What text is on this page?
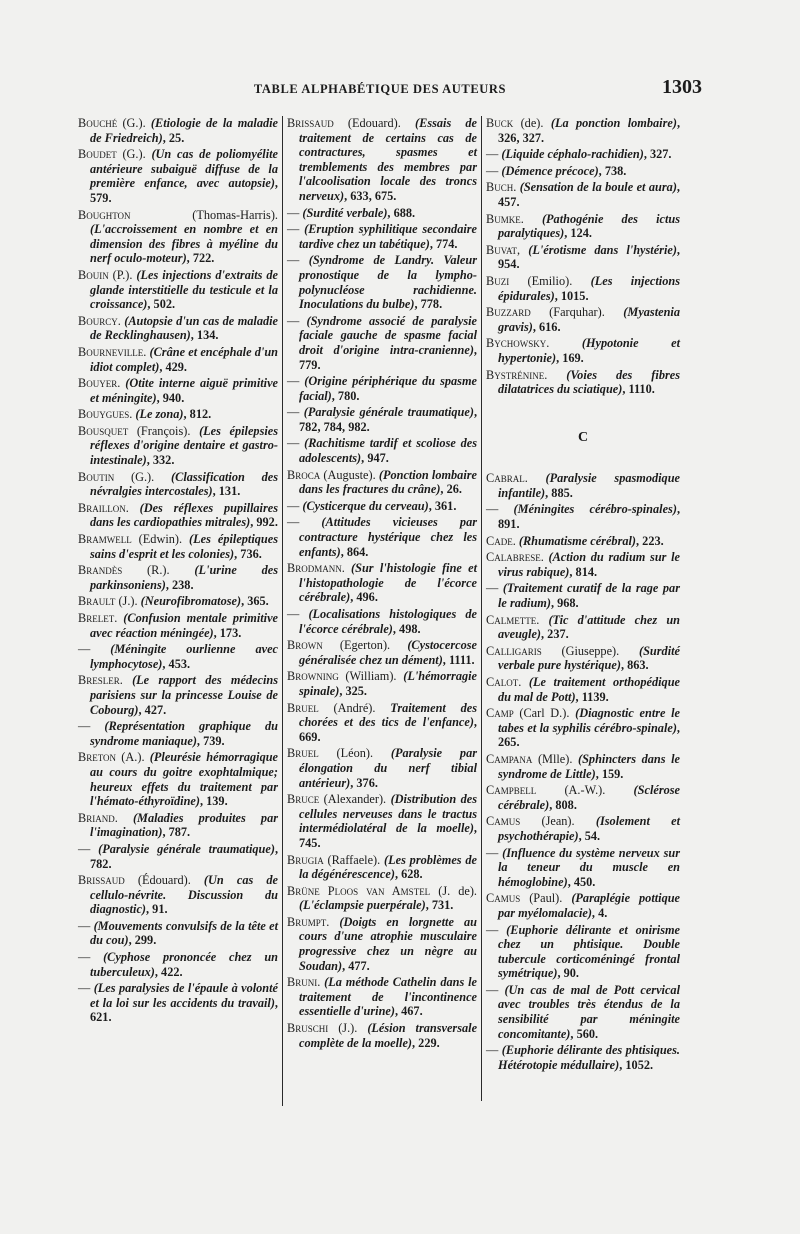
TABLE ALPHABÉTIQUE DES AUTEURS	1303

Bouché (G.). (Etiologie de la maladie de Friedreich), 25.

Boudet (G.). (Un cas de poliomyélite antérieure subaiguë diffuse de la première enfance, avec autopsie), 579.

Boughton (Thomas-Harris). (L'accroissement en nombre et en dimension des fibres à myéline du nerf oculo-moteur), 722.

Bouin (P.). (Les injections d'extraits de glande interstitielle du testicule et la croissance), 502.

Bourcy. (Autopsie d'un cas de maladie de Recklinghausen), 134.

Bourneville. (Crâne et encéphale d'un idiot complet), 429.

Bouyer. (Otite interne aiguë primitive et méningite), 940.

Bouygues. (Le zona), 812.

Bousquet (François). (Les épilepsies réflexes d'origine dentaire et gastro-intestinale), 332.

Boutin (G.). (Classification des névralgies intercostales), 131.

Braillon. (Des réflexes pupillaires dans les cardiopathies mitrales), 992.

Bramwell (Edwin). (Les épileptiques sains d'esprit et les colonies), 736.

Brandès (R.). (L'urine des parkinsoniens), 238.

Brault (J.). (Neurofibromatose), 365.

Brelet. (Confusion mentale primitive avec réaction méningée), 173.

— (Méningite ourlienne avec lymphocytose), 453.

Bresler. (Le rapport des médecins parisiens sur la princesse Louise de Cobourg), 427.

— (Représentation graphique du syndrome maniaque), 739.

Breton (A.). (Pleurésie hémorragique au cours du goitre exophtalmique; heureux effets du traitement par l'hémato-éthyroïdine), 139.

Briand. (Maladies produites par l'imagination), 787.

— (Paralysie générale traumatique), 782.

Brissaud (Édouard). (Un cas de cellulo-névrite. Discussion du diagnostic), 91.

— (Mouvements convulsifs de la tête et du cou), 299.

— (Cyphose prononcée chez un tuberculeux), 422.

— (Les paralysies de l'épaule à volonté et la loi sur les accidents du travail), 621.

Brissaud (Edouard). (Essais de traitement de certains cas de contractures, spasmes et tremblements des membres par l'alcoolisation locale des troncs nerveux), 633, 675.

— (Surdité verbale), 688.

— (Eruption syphilitique secondaire tardive chez un tabétique), 774.

— (Syndrome de Landry. Valeur pronostique de la lympho-polynucléose rachidienne. Inoculations du bulbe), 778.

— (Syndrome associé de paralysie faciale gauche de spasme facial droit d'origine intra-cranienne), 779.

— (Origine périphérique du spasme facial), 780.

— (Paralysie générale traumatique), 782, 784, 982.

— (Rachitisme tardif et scoliose des adolescents), 947.

Broca (Auguste). (Ponction lombaire dans les fractures du crâne), 26.

— (Cysticerque du cerveau), 361.

— (Attitudes vicieuses par contracture hystérique chez les enfants), 864.

Brodmann. (Sur l'histologie fine et l'histopathologie de l'écorce cérébrale), 496.

— (Localisations histologiques de l'écorce cérébrale), 498.

Brown (Egerton). (Cystocercose généralisée chez un dément), 1111.

Browning (William). (L'hémorragie spinale), 325.

Bruel (André). Traitement des chorées et des tics de l'enfance), 669.

Bruel (Léon). (Paralysie par élongation du nerf tibial antérieur), 376.

Bruce (Alexander). (Distribution des cellules nerveuses dans le tractus intermédiolatéral de la moelle), 745.

Brugia (Raffaele). (Les problèmes de la dégénérescence), 628.

Brüne Ploos van Amstel (J. de). (L'éclampsie puerpérale), 731.

Brumpt. (Doigts en lorgnette au cours d'une atrophie musculaire progressive chez un nègre au Soudan), 477.

Bruni. (La méthode Cathelin dans le traitement de l'incontinence essentielle d'urine), 467.

Bruschi (J.). (Lésion transversale complète de la moelle), 229.

Buck (de). (La ponction lombaire), 326, 327.

— (Liquide céphalo-rachidien), 327.

— (Démence précoce), 738.

Buch. (Sensation de la boule et aura), 457.

Bumke. (Pathogénie des ictus paralytiques), 124.

Buvat, (L'érotisme dans l'hystérie), 954.

Buzi (Emilio). (Les injections épidurales), 1015.

Buzzard (Farquhar). (Myastenia gravis), 616.

Bychowsky.	(Hypotonie et hypertonie), 169.

Bystrénine. (Voies des fibres dilatatrices du sciatique), 1110.

C

Cabral. (Paralysie spasmodique infantile), 885.

— (Méningites cérébro-spinales), 891.

Cade. (Rhumatisme cérébral), 223.

Calabrese. (Action du radium sur le virus rabique), 814.

— (Traitement curatif de la rage par le radium), 968.

Calmette. (Tic d'attitude chez un aveugle), 237.

Calligaris (Giuseppe). (Surdité verbale pure hystérique), 863.

Calot. (Le traitement orthopédique du mal de Pott), 1139.

Camp (Carl D.). (Diagnostic entre le tabes et la syphilis cérébro-spinale), 265.

Campana (Mlle). (Sphincters dans le syndrome de Little), 159.

Campbell (A.-W.). (Sclérose cérébrale), 808.

Camus (Jean). (Isolement et psychothérapie), 54.

— (Influence du système nerveux sur la teneur du muscle en hémoglobine), 450.

Camus (Paul). (Paraplégie pottique par myélomalacie), 4.

— (Euphorie délirante et onirisme chez un phtisique. Double tubercule corticoméningé frontal symétrique), 90.

— (Un cas de mal de Pott cervical avec troubles très étendus de la sensibilité par méningite concomitante), 560.

— (Euphorie délirante des phtisiques. Hétérotopie médullaire), 1052.
